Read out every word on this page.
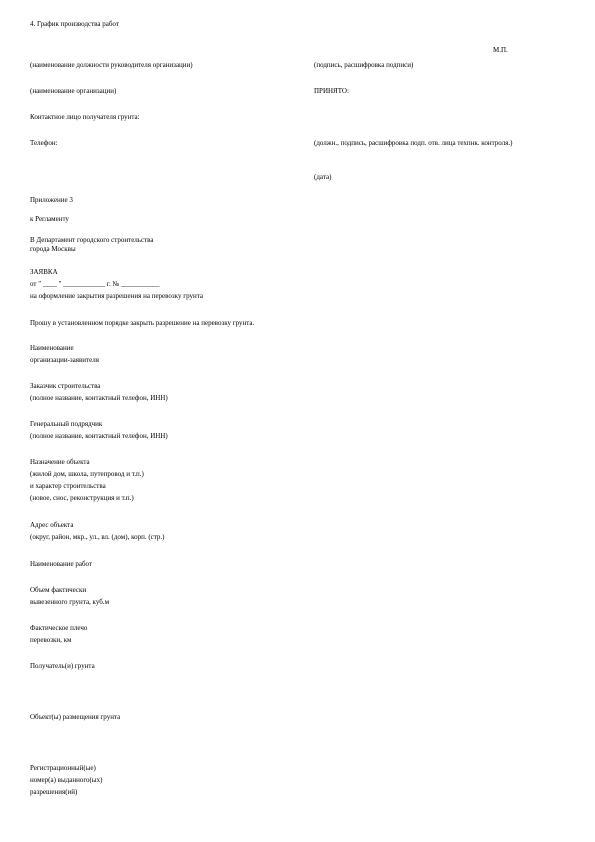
4. График производства работ
М.П.
(наименование должности руководителя организации)	(подпись, расшифровка подписи)
(наименование организации)	ПРИНЯТО:
Контактное лицо получателя грунта:
Телефон:	(должн., подпись, расшифровка подп. отв. лица техпнк. контроля.)
(дата)
Приложение 3
к Регламенту
В Департамент городского строительства
города Москвы
ЗАЯВКА
от " ____ " ____________ г. № ___________
на оформление закрытия разрешения на перевозку грунта
Прошу в установленном порядке закрыть разрешение на перевозку грунта.
Наименование
организации-заявителя
Заказчик строительства
(полное название, контактный телефон, ИНН)
Генеральный подрядчик
(полное название, контактный телефон, ИНН)
Назначение объекта
(жилой дом, школа, путепровод и т.п.)
и характер строительства
(новое, снос, реконструкция и т.п.)
Адрес объекта
(округ, район, мкр., ул., вл. (дом), корп. (стр.)
Наименование работ
Объем фактически
вывезенного грунта, куб.м
Фактическое плечо
перевозки, км
Получатель(и) грунта
Объект(ы) размещения грунта
Регистрационный(ые)
номер(а) выданного(ых)
разрешения(ий)
